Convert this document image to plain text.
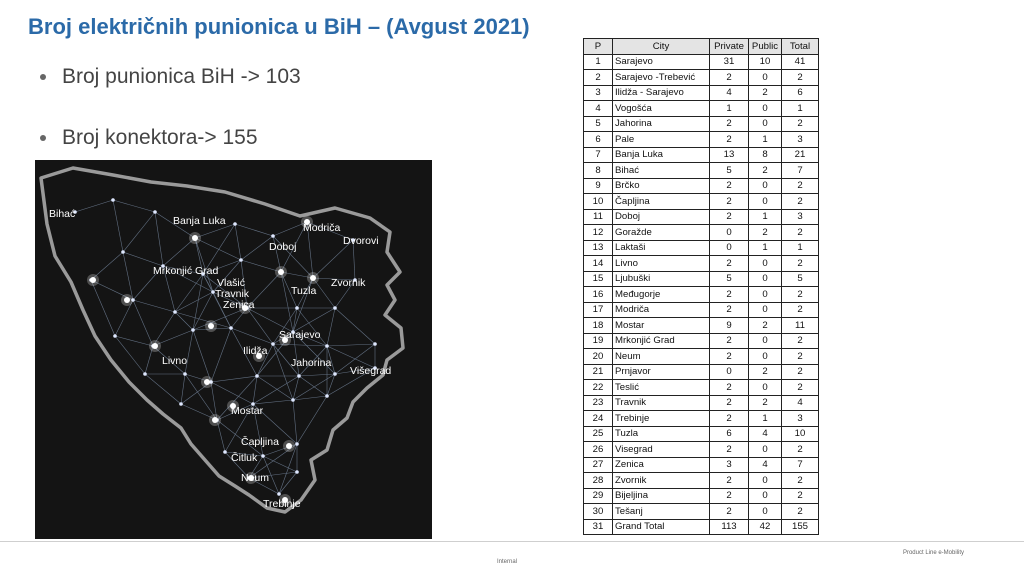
Broj električnih punionica u BiH – (Avgust 2021)
Broj punionica BiH -> 103
Broj konektora-> 155
Bihać
Banja Luka
Modriča
Dvorovi
Doboj
Mrkonjić Grad
Vlašić
Travnik	Tuzla
Zvornik
Zenica
Sarajevo
Ilidža
Jahorina
Livno
Višegrad
Mostar
Čapljina
Čitluk
Neum
Trebinje
P	City	Private	Public	Total
1	Sarajevo	31	10	41
2	Sarajevo -Trebević	2	0	2
3	Ilidža - Sarajevo	4	2	6
4	Vogošća	1	0	1
5	Jahorina	2	0	2
6	Pale	2	1	3
7	Banja Luka	13	8	21
8	Bihać	5	2	7
9	Brčko	2	0	2
10	Čapljina	2	0	2
11	Doboj	2	1	3
12	Goražde	0	2	2
13	Laktaši	0	1	1
14	Livno	2	0	2
15	Ljubuški	5	0	5
16	Međugorje	2	0	2
17	Modriča	2	0	2
18	Mostar	9	2	11
19	Mrkonjić Grad	2	0	2
20	Neum	2	0	2
21	Prnjavor	0	2	2
22	Teslić	2	0	2
23	Travnik	2	2	4
24	Trebinje	2	1	3
25	Tuzla	6	4	10
26	Visegrad	2	0	2
27	Zenica	3	4	7
28	Zvornik	2	0	2
29	Bijeljina	2	0	2
30	Tešanj	2	0	2
31	Grand Total	113	42	155
Product Line e-Mobility
Internal
